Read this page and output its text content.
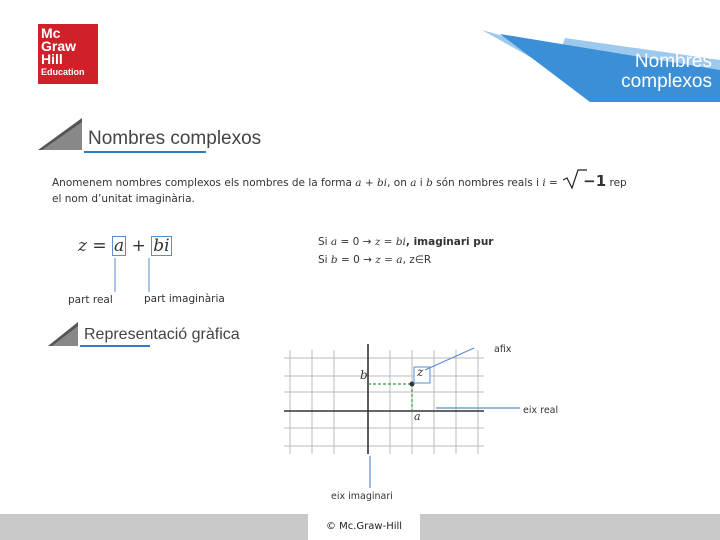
Mc
Graw
Hill
Education	Nombres complexos
Nombres complexos
Anomenem nombres complexos els nombres de la forma a + bi, on a i b són nombres reals i i =
−1 rep
el nom d’unitat imaginària.
z = a + bi
part real	part imaginària
Si a = 0 → z = bi, imaginari pur
Si b = 0 → z = a, z∈R
Representació gràfica
z
b
a
afix
eix real
eix imaginari
© Mc.Graw-Hill
